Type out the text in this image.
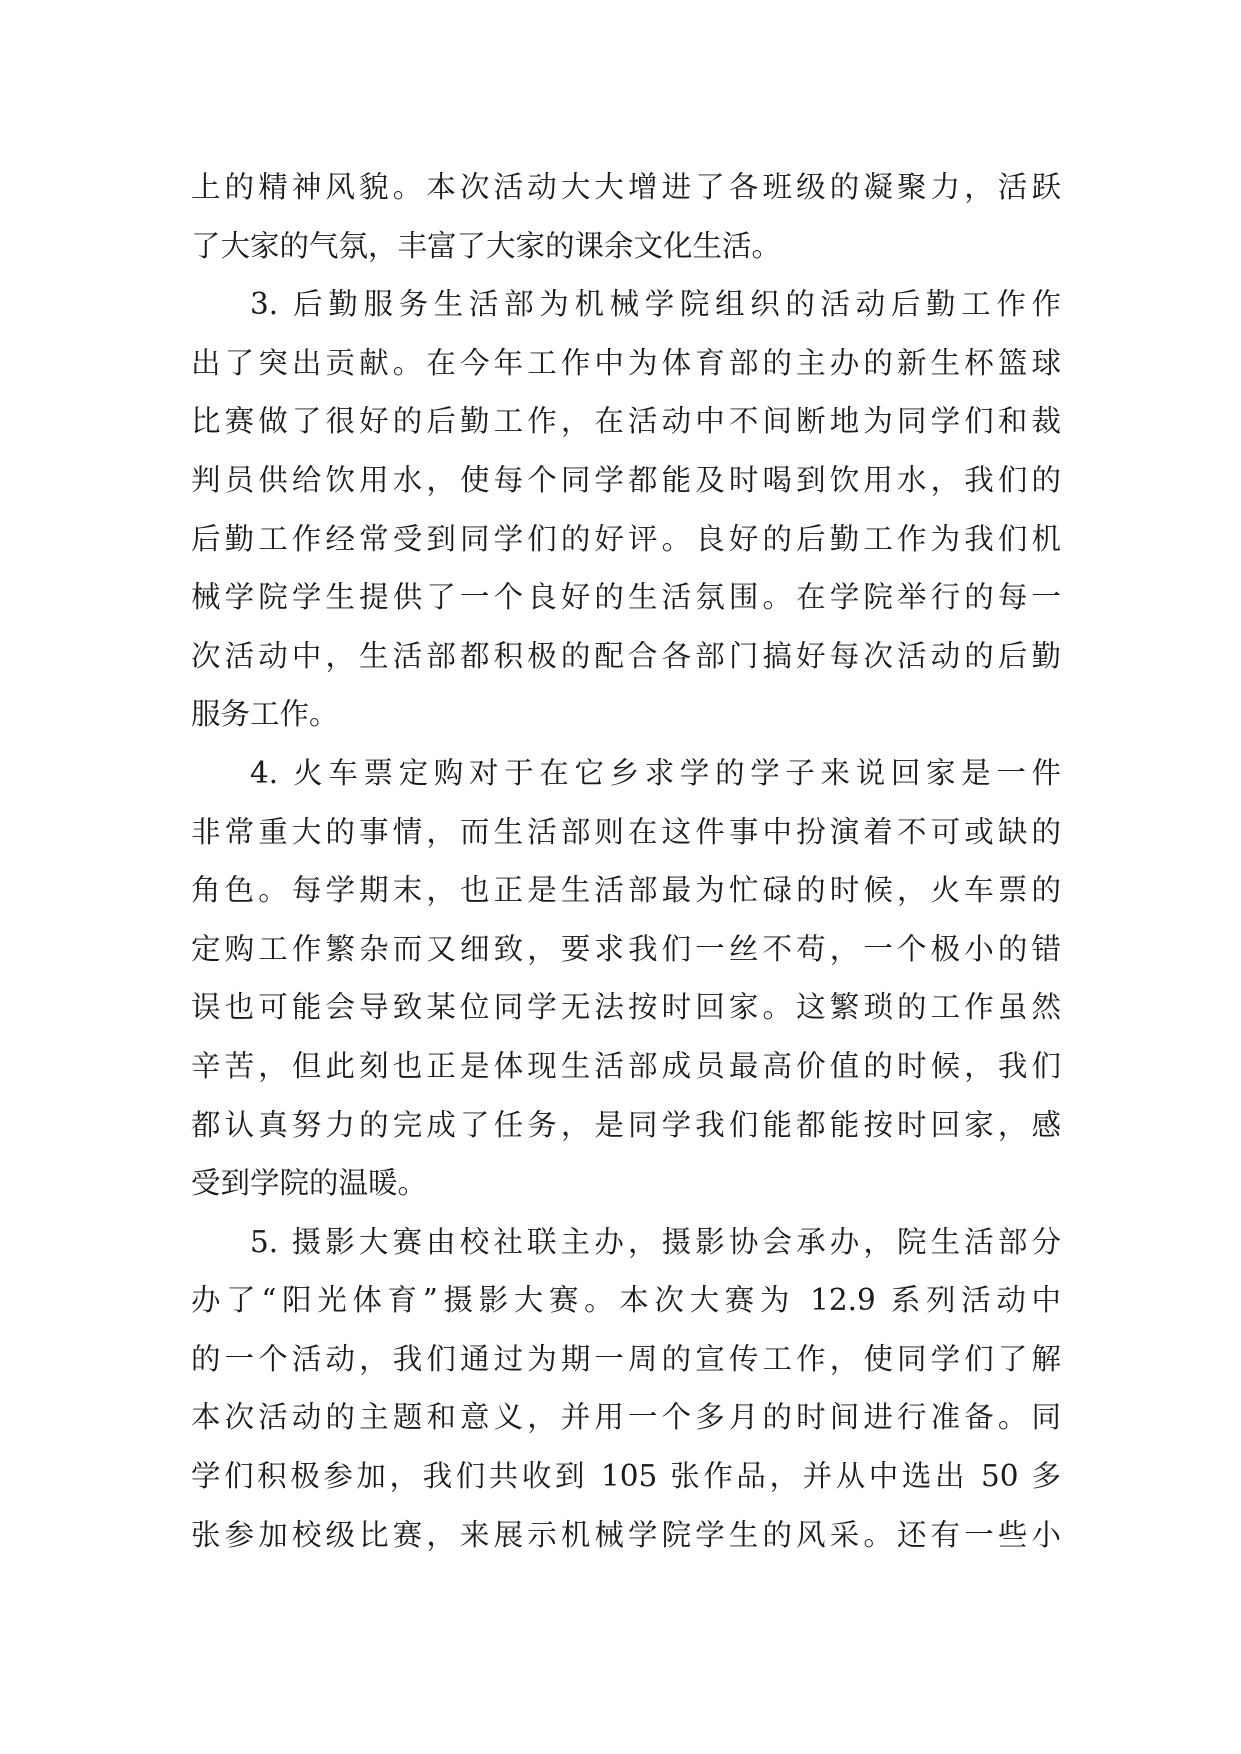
上的精神风貌。本次活动大大增进了各班级的凝聚力，活跃
了大家的气氛，丰富了大家的课余文化生活。
3. 后勤服务生活部为机械学院组织的活动后勤工作作
出了突出贡献。在今年工作中为体育部的主办的新生杯篮球
比赛做了很好的后勤工作，在活动中不间断地为同学们和裁
判员供给饮用水，使每个同学都能及时喝到饮用水，我们的
后勤工作经常受到同学们的好评。良好的后勤工作为我们机
械学院学生提供了一个良好的生活氛围。在学院举行的每一
次活动中，生活部都积极的配合各部门搞好每次活动的后勤
服务工作。
4. 火车票定购对于在它乡求学的学子来说回家是一件
非常重大的事情，而生活部则在这件事中扮演着不可或缺的
角色。每学期末，也正是生活部最为忙碌的时候，火车票的
定购工作繁杂而又细致，要求我们一丝不苟，一个极小的错
误也可能会导致某位同学无法按时回家。这繁琐的工作虽然
辛苦，但此刻也正是体现生活部成员最高价值的时候，我们
都认真努力的完成了任务，是同学我们能都能按时回家，感
受到学院的温暖。
5. 摄影大赛由校社联主办，摄影协会承办，院生活部分
办了“阳光体育”摄影大赛。本次大赛为 12.9 系列活动中
的一个活动，我们通过为期一周的宣传工作，使同学们了解
本次活动的主题和意义，并用一个多月的时间进行准备。同
学们积极参加，我们共收到 105 张作品，并从中选出 50 多
张参加校级比赛，来展示机械学院学生的风采。还有一些小
